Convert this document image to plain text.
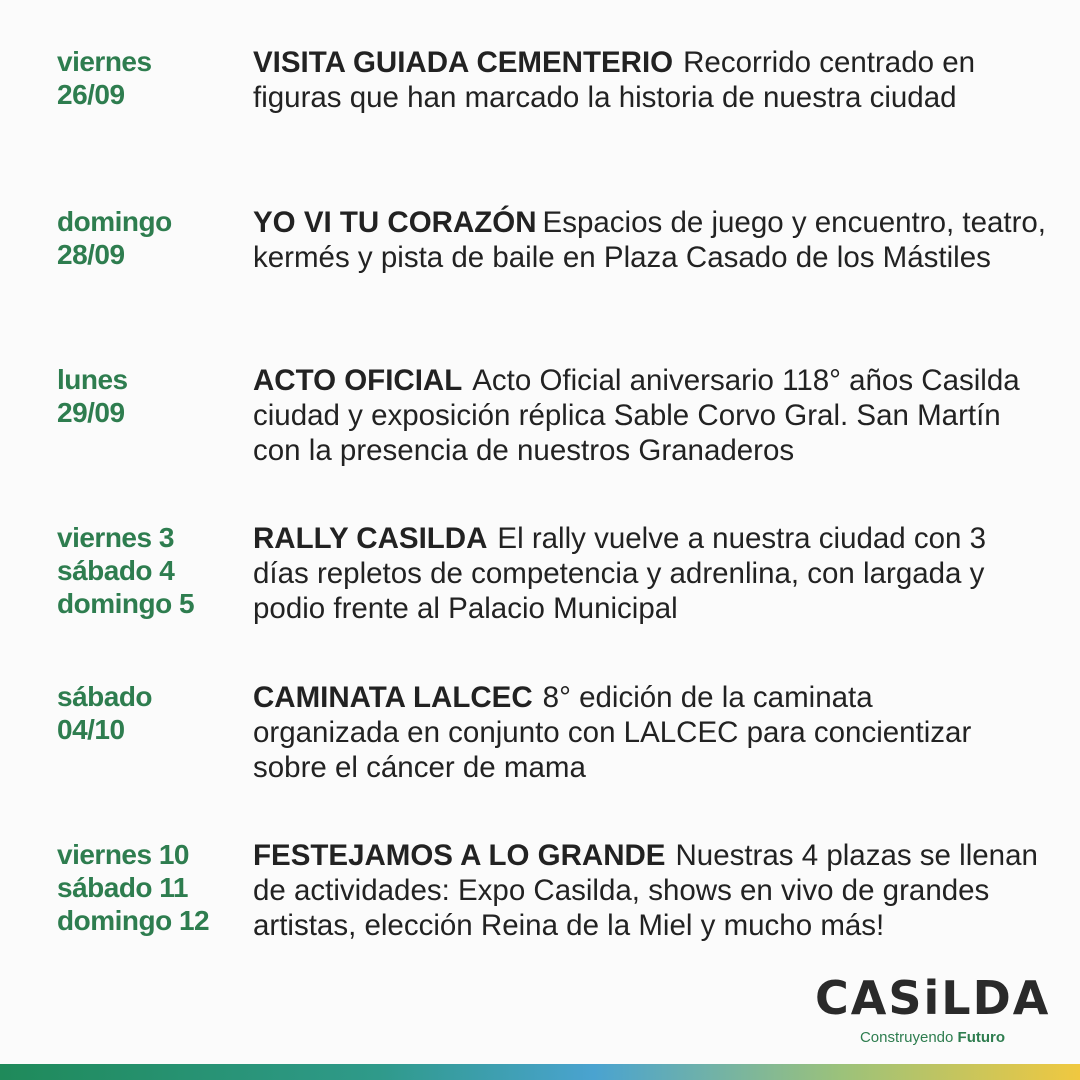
viernes
26/09
VISITA GUIADA CEMENTERIO Recorrido centrado en figuras que han marcado la historia de nuestra ciudad
domingo
28/09
YO VI TU CORAZÓN Espacios de juego y encuentro, teatro, kermés y pista de baile en Plaza Casado de los Mástiles
lunes
29/09
ACTO OFICIAL Acto Oficial aniversario 118° años Casilda ciudad y exposición réplica Sable Corvo Gral. San Martín con la presencia de nuestros Granaderos
viernes 3
sábado 4
domingo 5
RALLY CASILDA El rally vuelve a nuestra ciudad con 3 días repletos de competencia y adrenlina, con largada y podio frente al Palacio Municipal
sábado
04/10
CAMINATA LALCEC 8° edición de la caminata organizada en conjunto con LALCEC para concientizar sobre el cáncer de mama
viernes 10
sábado 11
domingo 12
FESTEJAMOS A LO GRANDE Nuestras 4 plazas se llenan de actividades: Expo Casilda, shows en vivo de grandes artistas, elección Reina de la Miel y mucho más!
CASiLDA
Construyendo Futuro
